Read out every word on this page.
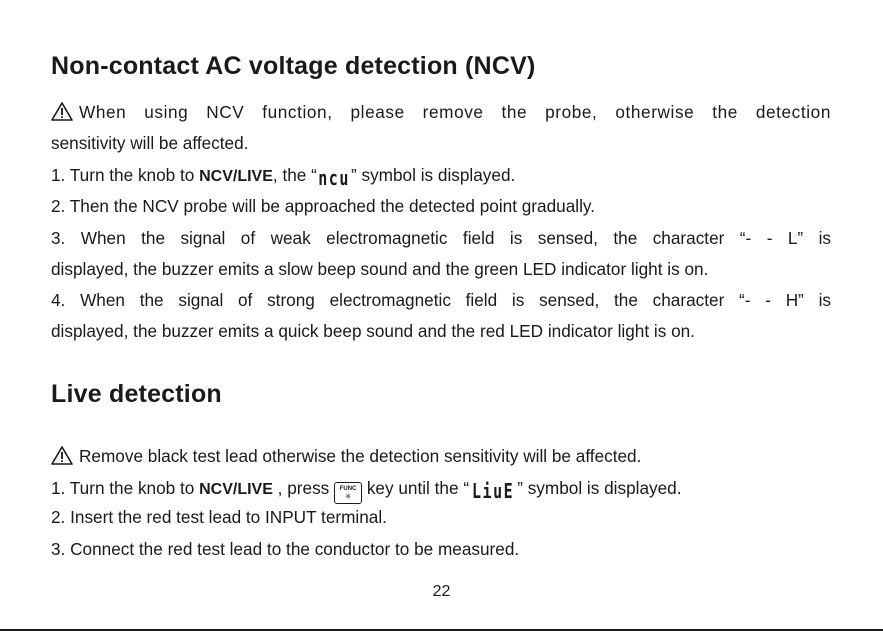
Non-contact AC voltage detection (NCV)
When using NCV function, please remove the probe, otherwise the detection
sensitivity will be affected.
1. Turn the knob to NCV/LIVE, the “ncu” symbol is displayed.
2. Then the NCV probe will be approached the detected point gradually.
3. When the signal of weak electromagnetic field is sensed, the character “- - L” is
displayed, the buzzer emits a slow beep sound and the green LED indicator light is on.
4. When the signal of strong electromagnetic field is sensed, the character “- - H” is
displayed, the buzzer emits a quick beep sound and the red LED indicator light is on.
Live detection
Remove black test lead otherwise the detection sensitivity will be affected.
1. Turn the knob to NCV/LIVE , press FUNC
✳ key until the “ LiuE ” symbol is displayed.
2. Insert the red test lead to INPUT terminal.
3. Connect the red test lead to the conductor to be measured.
22
